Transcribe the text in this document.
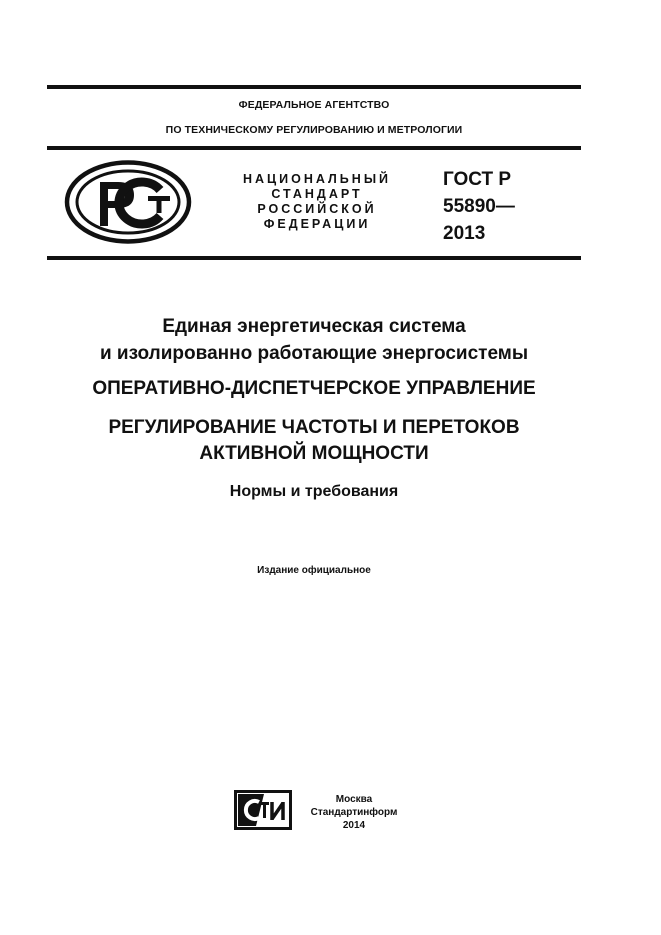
ФЕДЕРАЛЬНОЕ АГЕНТСТВО
ПО ТЕХНИЧЕСКОМУ РЕГУЛИРОВАНИЮ И МЕТРОЛОГИИ
НАЦИОНАЛЬНЫЙ
СТАНДАРТ
РОССИЙСКОЙ
ФЕДЕРАЦИИ
ГОСТ Р
55890—
2013
Единая энергетическая система
и изолированно работающие энергосистемы
ОПЕРАТИВНО-ДИСПЕТЧЕРСКОЕ УПРАВЛЕНИЕ
РЕГУЛИРОВАНИЕ ЧАСТОТЫ И ПЕРЕТОКОВ
АКТИВНОЙ МОЩНОСТИ
Нормы и требования
Издание официальное
Москва
Стандартинформ
2014
